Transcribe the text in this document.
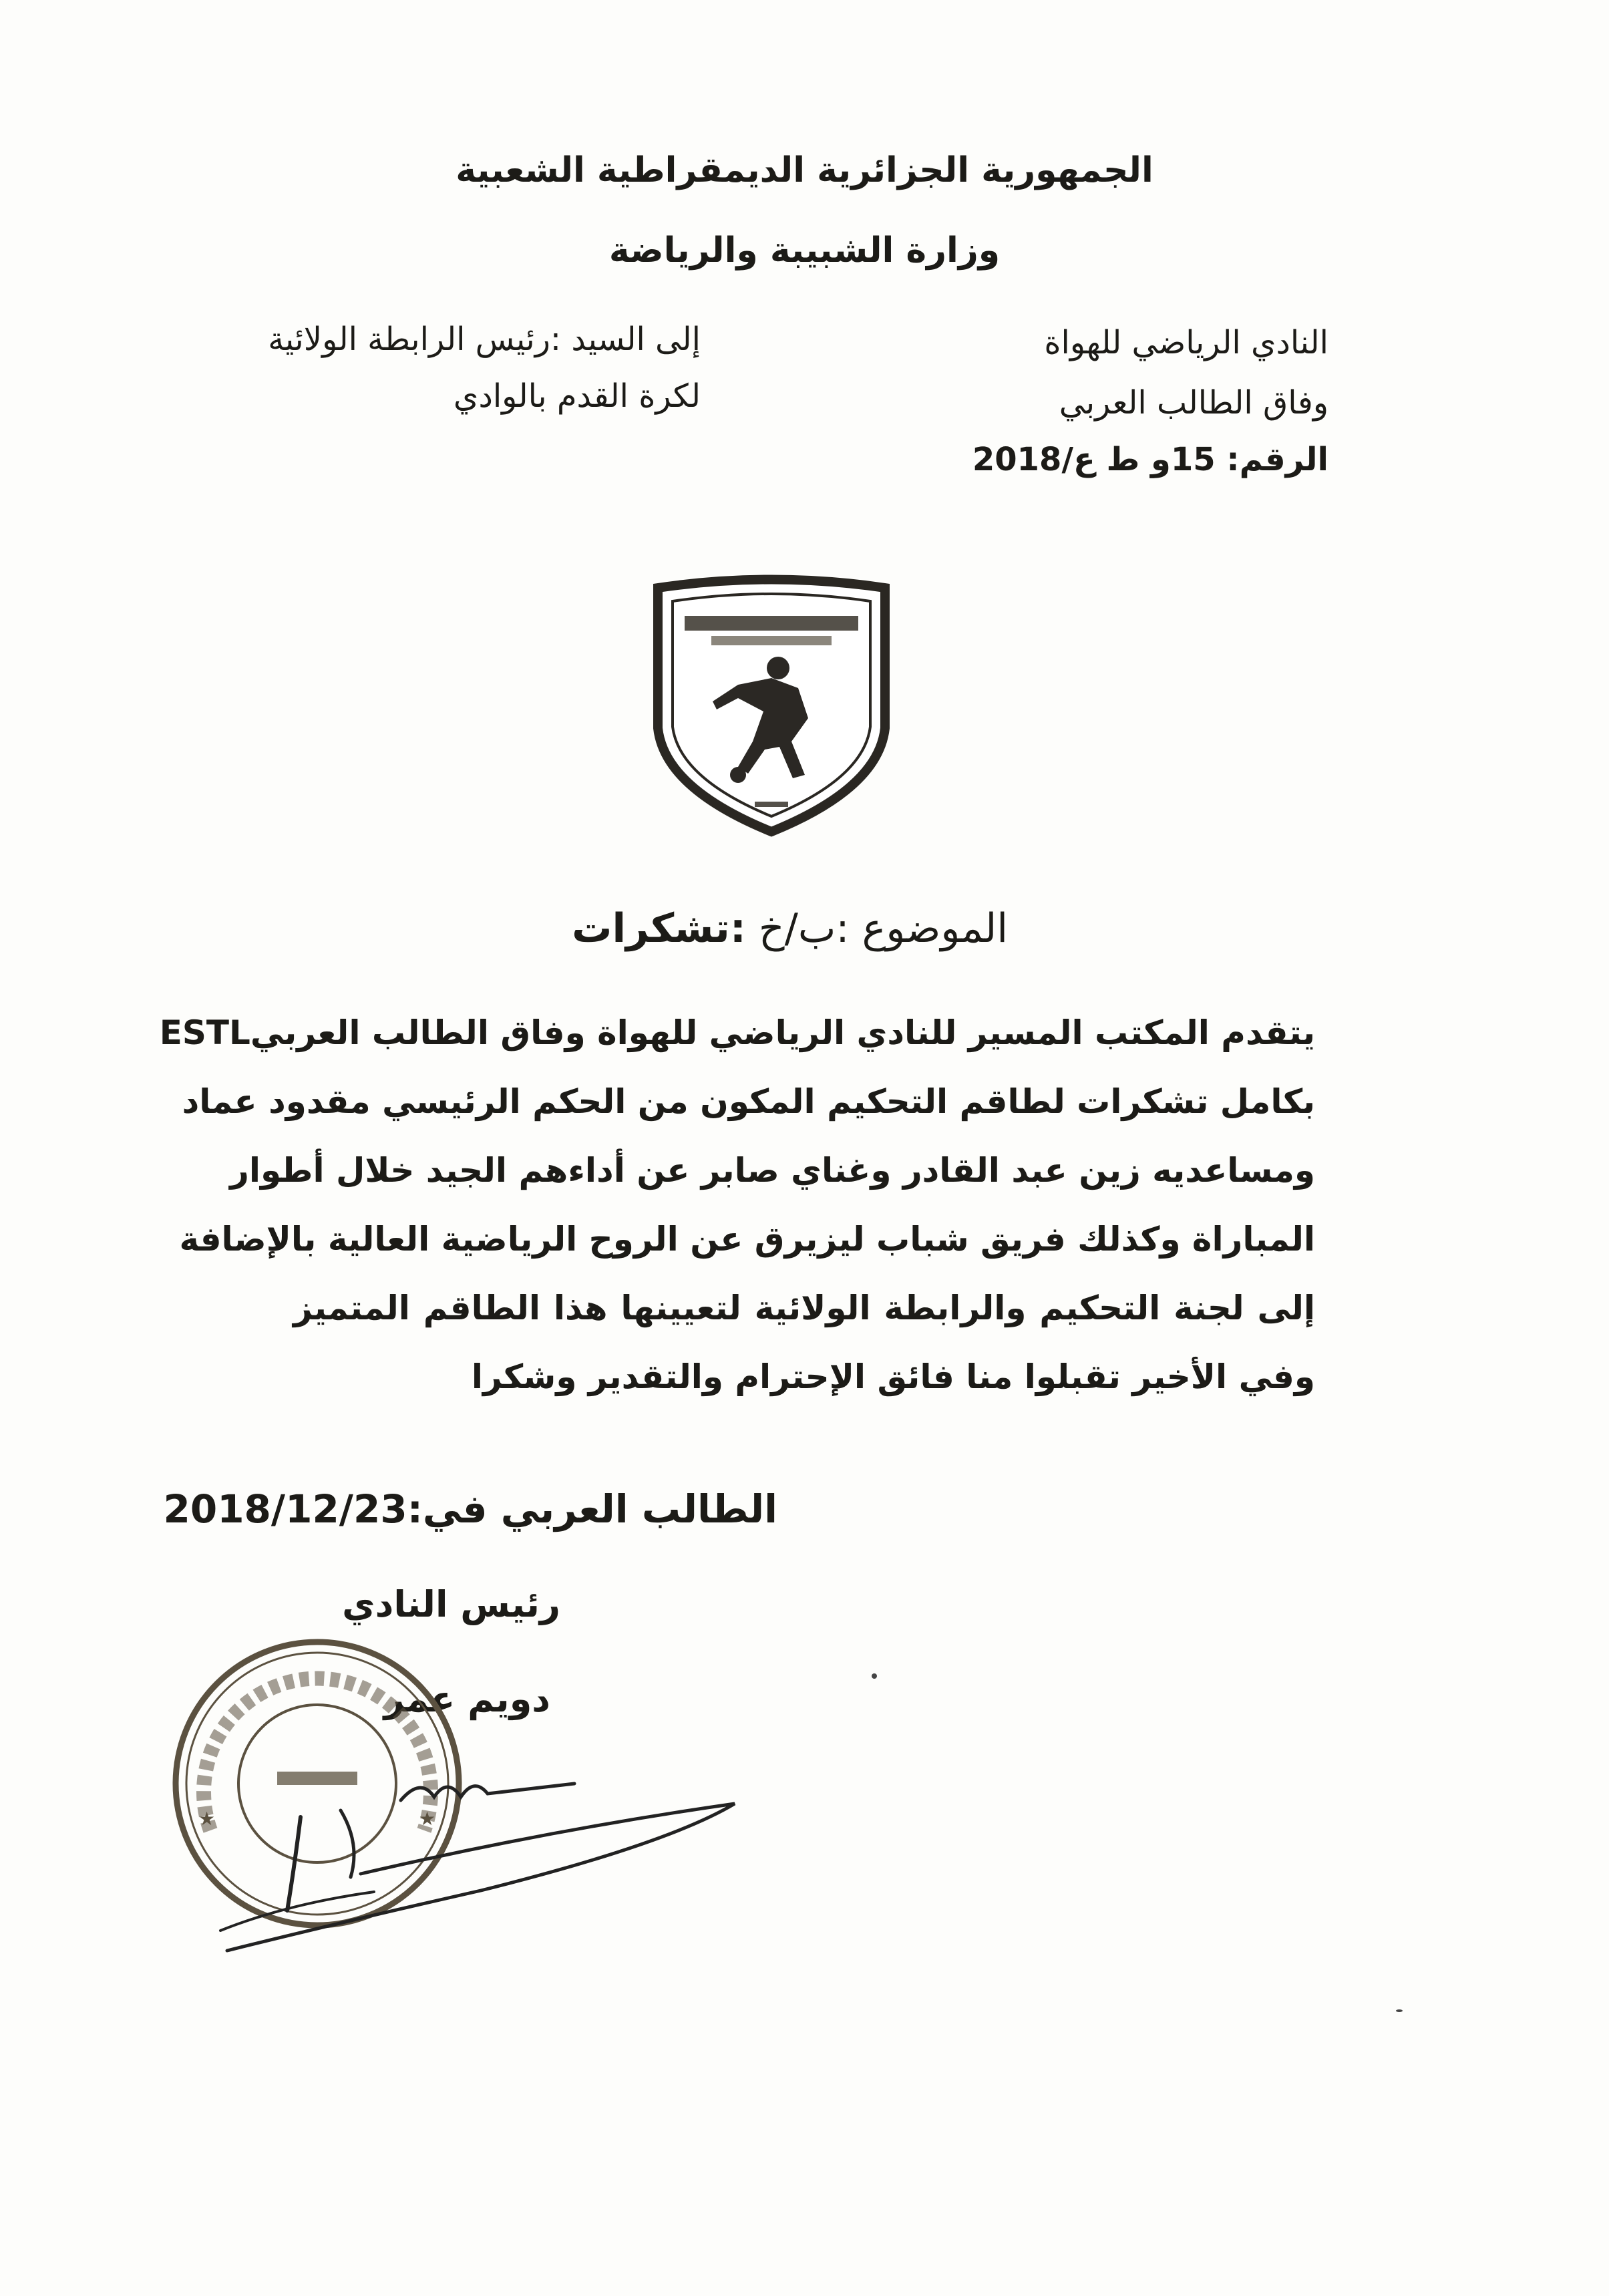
الجمهورية الجزائرية الديمقراطية الشعبية
وزارة الشبيبة والرياضة
النادي الرياضي للهواة
وفاق الطالب العربي
الرقم: 15و ط ع/2018
إلى السيد :رئيس الرابطة الولائية
لكرة القدم بالوادي
الموضوع :ب/خ :تشكرات
يتقدم المكتب المسير للنادي الرياضي للهواة وفاق الطالب العربيESTL
بكامل تشكرات لطاقم التحكيم المكون من الحكم الرئيسي مقدود عماد
ومساعديه زين عبد القادر وغناي صابر عن أداءهم الجيد خلال أطوار
المباراة وكذلك فريق شباب ليزيرق عن الروح الرياضية العالية بالإضافة
إلى لجنة التحكيم والرابطة الولائية لتعيينها هذا الطاقم المتميز
وفي الأخير تقبلوا منا فائق الإحترام والتقدير وشكرا
الطالب العربي في:2018/12/23
رئيس النادي
دويم عمر
★	★
